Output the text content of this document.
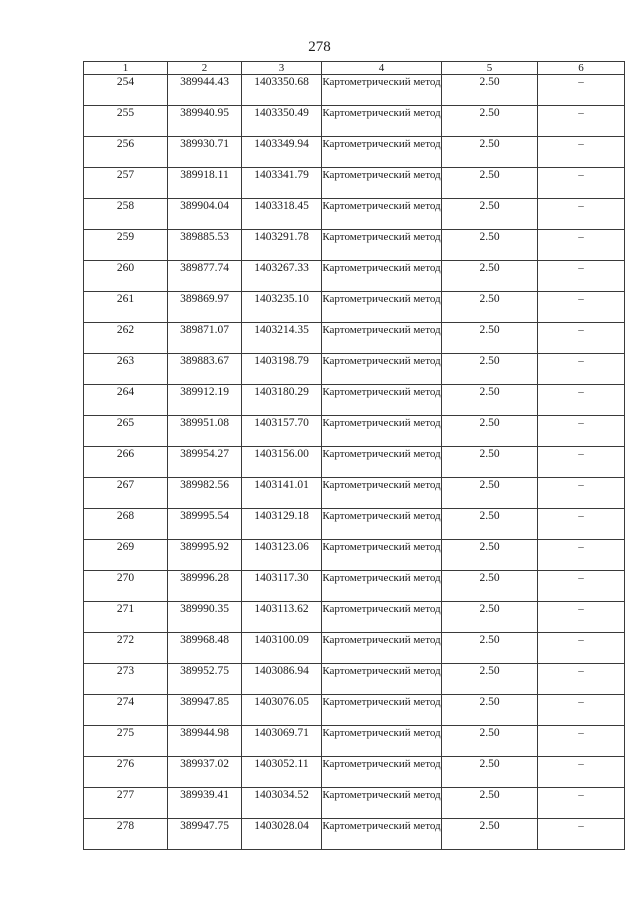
278
1	2	3	4	5	6
254	389944.43	1403350.68	Картометрический метод	2.50	–
255	389940.95	1403350.49	Картометрический метод	2.50	–
256	389930.71	1403349.94	Картометрический метод	2.50	–
257	389918.11	1403341.79	Картометрический метод	2.50	–
258	389904.04	1403318.45	Картометрический метод	2.50	–
259	389885.53	1403291.78	Картометрический метод	2.50	–
260	389877.74	1403267.33	Картометрический метод	2.50	–
261	389869.97	1403235.10	Картометрический метод	2.50	–
262	389871.07	1403214.35	Картометрический метод	2.50	–
263	389883.67	1403198.79	Картометрический метод	2.50	–
264	389912.19	1403180.29	Картометрический метод	2.50	–
265	389951.08	1403157.70	Картометрический метод	2.50	–
266	389954.27	1403156.00	Картометрический метод	2.50	–
267	389982.56	1403141.01	Картометрический метод	2.50	–
268	389995.54	1403129.18	Картометрический метод	2.50	–
269	389995.92	1403123.06	Картометрический метод	2.50	–
270	389996.28	1403117.30	Картометрический метод	2.50	–
271	389990.35	1403113.62	Картометрический метод	2.50	–
272	389968.48	1403100.09	Картометрический метод	2.50	–
273	389952.75	1403086.94	Картометрический метод	2.50	–
274	389947.85	1403076.05	Картометрический метод	2.50	–
275	389944.98	1403069.71	Картометрический метод	2.50	–
276	389937.02	1403052.11	Картометрический метод	2.50	–
277	389939.41	1403034.52	Картометрический метод	2.50	–
278	389947.75	1403028.04	Картометрический метод	2.50	–
